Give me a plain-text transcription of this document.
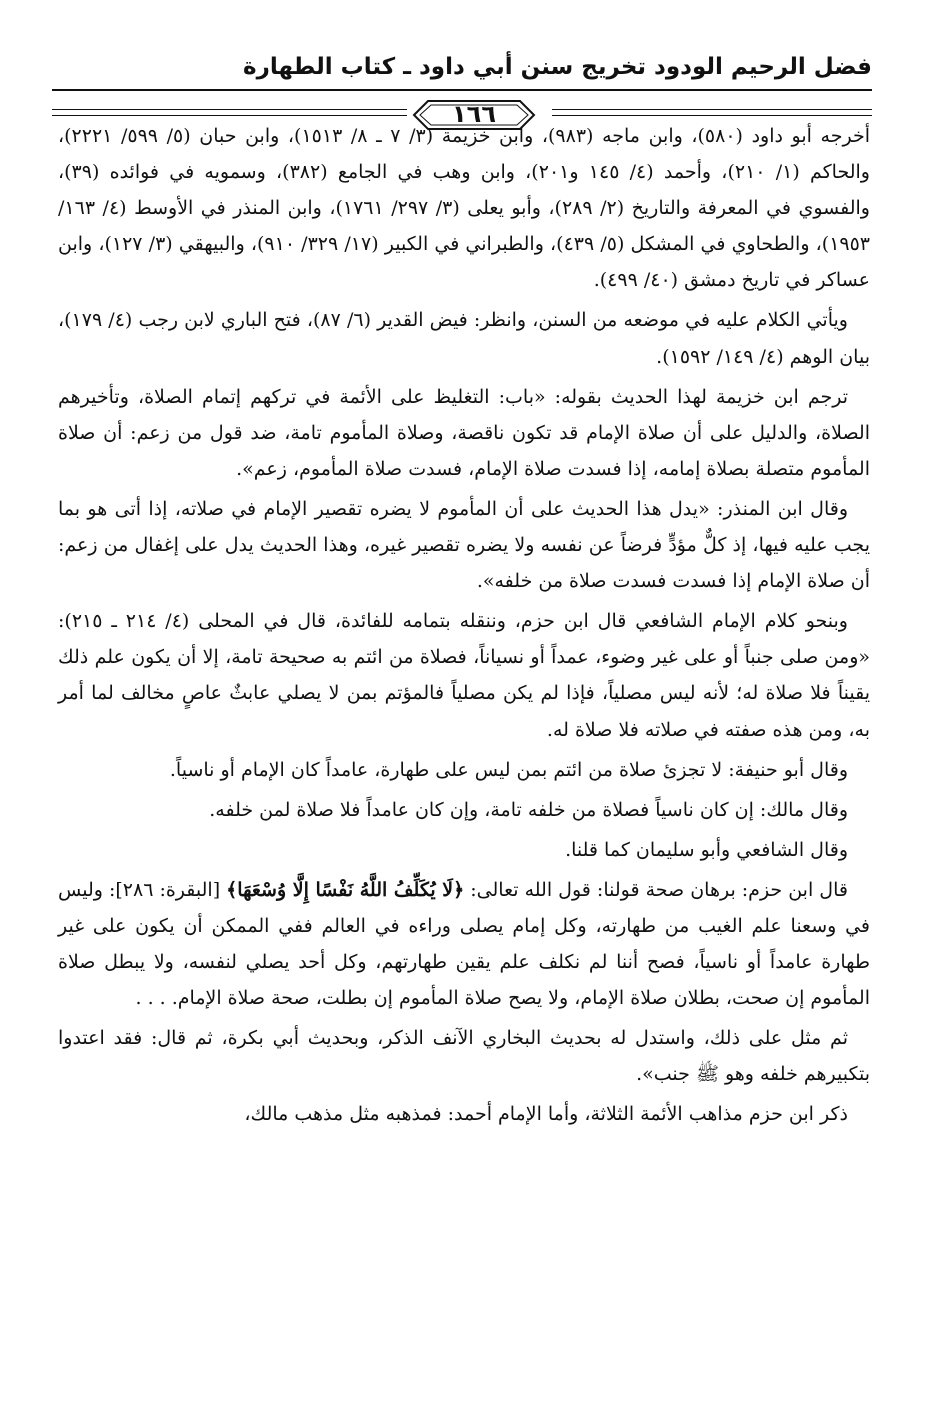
فضل الرحيم الودود تخريج سنن أبي داود ـ كتاب الطهارة
١٦٦

أخرجه أبو داود (٥٨٠)، وابن ماجه (٩٨٣)، وابن خزيمة (٣/ ٧ ـ ٨/ ١٥١٣)، وابن حبان (٥/ ٥٩٩/ ٢٢٢١)، والحاكم (١/ ٢١٠)، وأحمد (٤/ ١٤٥ و٢٠١)، وابن وهب في الجامع (٣٨٢)، وسمويه في فوائده (٣٩)، والفسوي في المعرفة والتاريخ (٢/ ٢٨٩)، وأبو يعلى (٣/ ٢٩٧/ ١٧٦١)، وابن المنذر في الأوسط (٤/ ١٦٣/ ١٩٥٣)، والطحاوي في المشكل (٥/ ٤٣٩)، والطبراني في الكبير (١٧/ ٣٢٩/ ٩١٠)، والبيهقي (٣/ ١٢٧)، وابن عساكر في تاريخ دمشق (٤٠/ ٤٩٩).

ويأتي الكلام عليه في موضعه من السنن، وانظر: فيض القدير (٦/ ٨٧)، فتح الباري لابن رجب (٤/ ١٧٩)، بيان الوهم (٤/ ١٤٩/ ١٥٩٢).

ترجم ابن خزيمة لهذا الحديث بقوله: «باب: التغليظ على الأئمة في تركهم إتمام الصلاة، وتأخيرهم الصلاة، والدليل على أن صلاة الإمام قد تكون ناقصة، وصلاة المأموم تامة، ضد قول من زعم: أن صلاة المأموم متصلة بصلاة إمامه، إذا فسدت صلاة الإمام، فسدت صلاة المأموم، زعم».

وقال ابن المنذر: «يدل هذا الحديث على أن المأموم لا يضره تقصير الإمام في صلاته، إذا أتى هو بما يجب عليه فيها، إذ كلٌّ مؤدٍّ فرضاً عن نفسه ولا يضره تقصير غيره، وهذا الحديث يدل على إغفال من زعم: أن صلاة الإمام إذا فسدت فسدت صلاة من خلفه».

وبنحو كلام الإمام الشافعي قال ابن حزم، وننقله بتمامه للفائدة، قال في المحلى (٤/ ٢١٤ ـ ٢١٥): «ومن صلى جنباً أو على غير وضوء، عمداً أو نسياناً، فصلاة من ائتم به صحيحة تامة، إلا أن يكون علم ذلك يقيناً فلا صلاة له؛ لأنه ليس مصلياً، فإذا لم يكن مصلياً فالمؤتم بمن لا يصلي عابثٌ عاصٍ مخالف لما أمر به، ومن هذه صفته في صلاته فلا صلاة له.

وقال أبو حنيفة: لا تجزئ صلاة من ائتم بمن ليس على طهارة، عامداً كان الإمام أو ناسياً.

وقال مالك: إن كان ناسياً فصلاة من خلفه تامة، وإن كان عامداً فلا صلاة لمن خلفه.

وقال الشافعي وأبو سليمان كما قلنا.

قال ابن حزم: برهان صحة قولنا: قول الله تعالى: ﴿لَا يُكَلِّفُ اللَّهُ نَفْسًا إِلَّا وُسْعَهَا﴾ [البقرة: ٢٨٦]: وليس في وسعنا علم الغيب من طهارته، وكل إمام يصلى وراءه في العالم ففي الممكن أن يكون على غير طهارة عامداً أو ناسياً، فصح أننا لم نكلف علم يقين طهارتهم، وكل أحد يصلي لنفسه، ولا يبطل صلاة المأموم إن صحت، بطلان صلاة الإمام، ولا يصح صلاة المأموم إن بطلت، صحة صلاة الإمام. . . .

ثم مثل على ذلك، واستدل له بحديث البخاري الآنف الذكر، وبحديث أبي بكرة، ثم قال: فقد اعتدوا بتكبيرهم خلفه وهو ﷺ جنب».

ذكر ابن حزم مذاهب الأئمة الثلاثة، وأما الإمام أحمد: فمذهبه مثل مذهب مالك،
